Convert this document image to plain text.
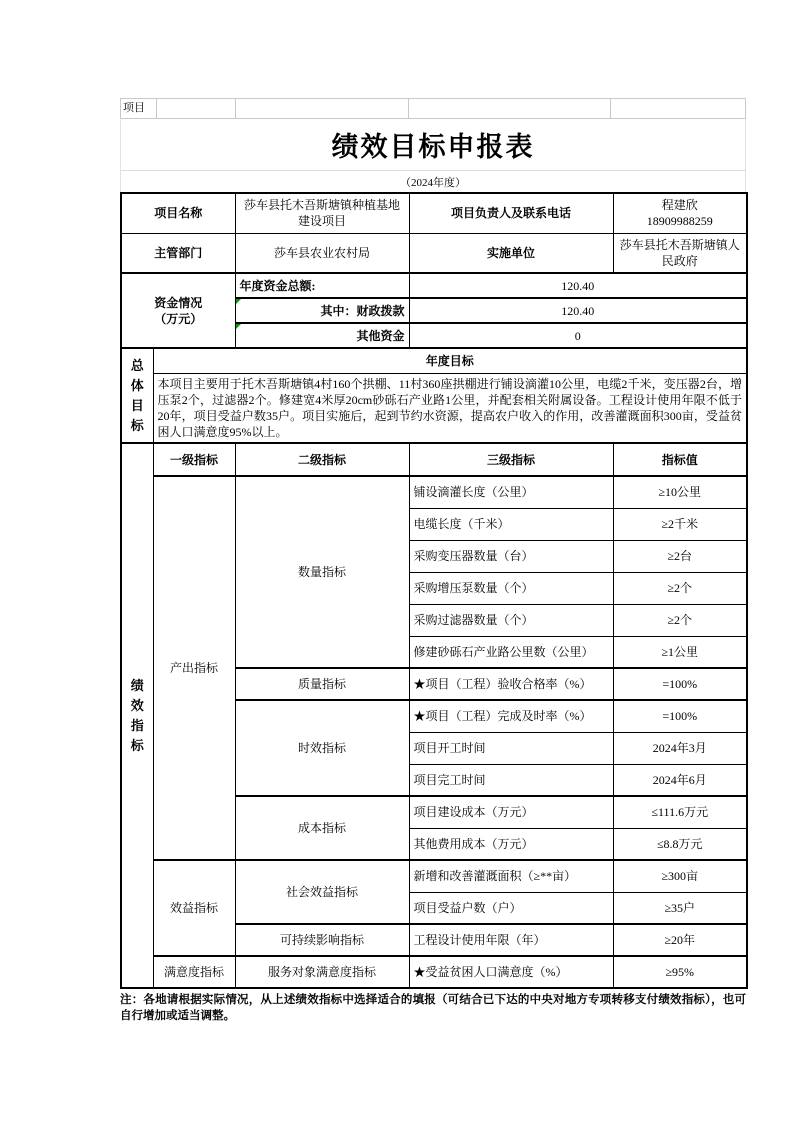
项目
绩效目标申报表
（2024年度）
项目名称		莎车县托木吾斯塘镇种植基地建设项目	项目负责人及联系电话	程建欣
18909988259

主管部门		莎车县农业农村局	实施单位	莎车县托木吾斯塘镇人民政府

资金情况
（万元）		年度资金总额:	120.40	

其中：财政拨款	120.40	

其他资金	0	
总体目标	年度目标			
	本项目主要用于托木吾斯塘镇4村160个拱棚、11村360座拱棚进行铺设滴灌10公里，电缆2千米，变压器2台，增压泵2个，过滤器2个。修建宽4米厚20cm砂砾石产业路1公里，并配套相关附属设备。工程设计使用年限不低于20年，项目受益户数35户。项目实施后，起到节约水资源，提高农户收入的作用，改善灌溉面积300亩，受益贫困人口满意度95%以上。			
绩效指标	一级指标	二级指标	三级指标	指标值
	产出指标	数量指标	铺设滴灌长度（公里）	≥10公里
			电缆长度（千米）	≥2千米
			采购变压器数量（台）	≥2台
			采购增压泵数量（个）	≥2个
			采购过滤器数量（个）	≥2个
			修建砂砾石产业路公里数（公里）	≥1公里
		质量指标	★项目（工程）验收合格率（%）	=100%
		时效指标	★项目（工程）完成及时率（%）	=100%
			项目开工时间	2024年3月
			项目完工时间	2024年6月
		成本指标	项目建设成本（万元）	≤111.6万元
			其他费用成本（万元）	≤8.8万元
	效益指标	社会效益指标	新增和改善灌溉面积（≥**亩）	≥300亩
			项目受益户数（户）	≥35户
		可持续影响指标	工程设计使用年限（年）	≥20年
	满意度指标	服务对象满意度指标	★受益贫困人口满意度（%）	≥95%
注：各地请根据实际情况，从上述绩效指标中选择适合的填报（可结合已下达的中央对地方专项转移支付绩效指标），也可自行增加或适当调整。
